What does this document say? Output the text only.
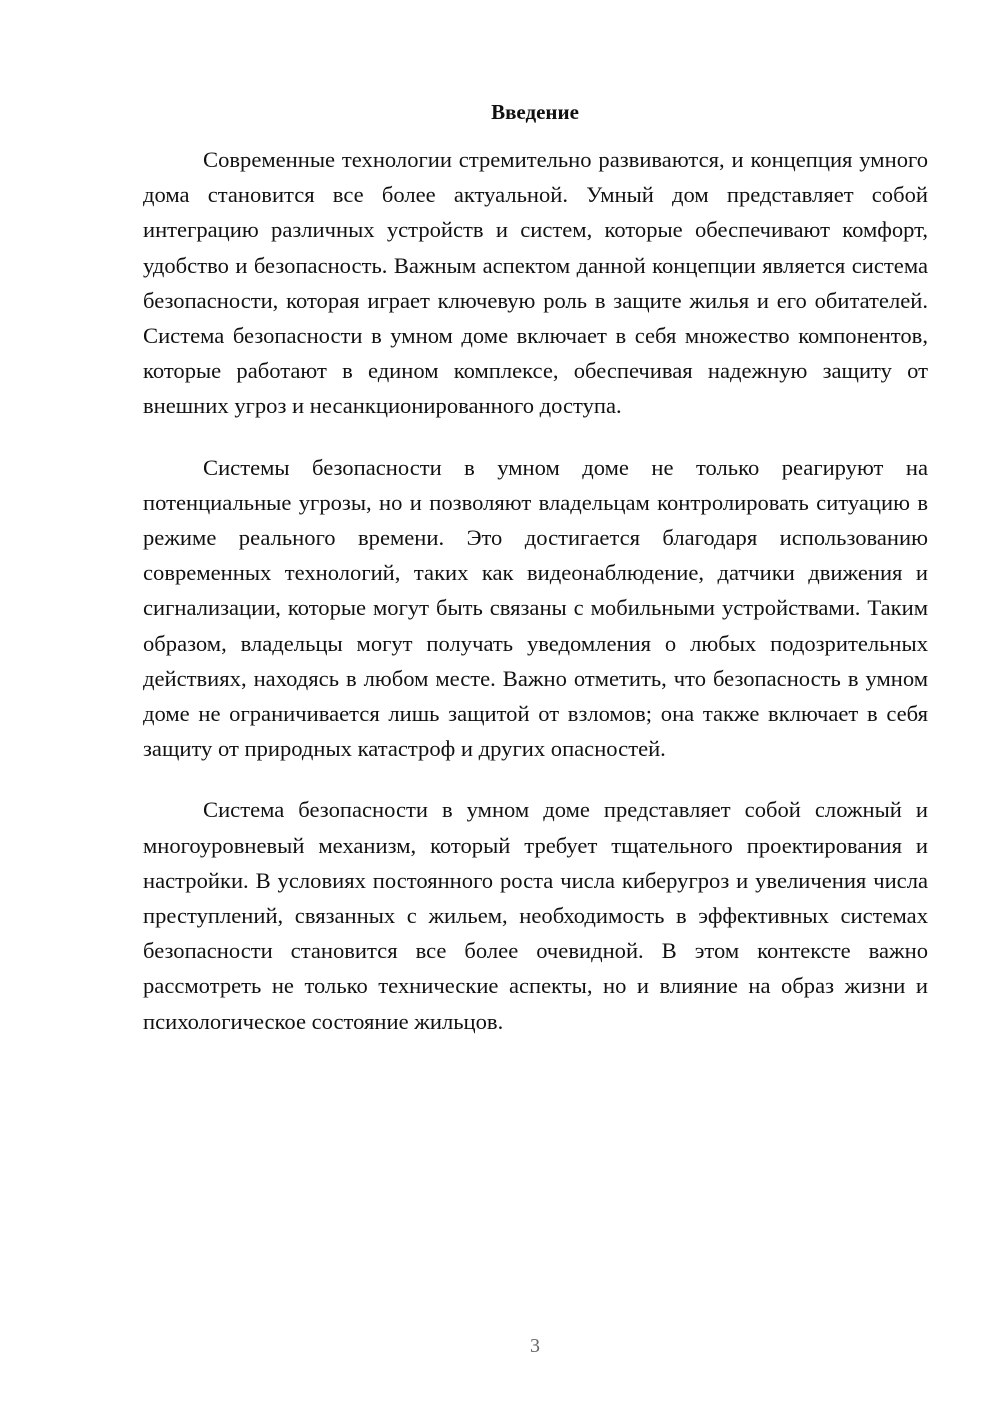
Введение

Современные технологии стремительно развиваются, и концепция умного дома становится все более актуальной. Умный дом представляет собой интеграцию различных устройств и систем, которые обеспечивают комфорт, удобство и безопасность. Важным аспектом данной концепции является система безопасности, которая играет ключевую роль в защите жилья и его обитателей. Система безопасности в умном доме включает в себя множество компонентов, которые работают в едином комплексе, обеспечивая надежную защиту от внешних угроз и несанкционированного доступа.

Системы безопасности в умном доме не только реагируют на потенциальные угрозы, но и позволяют владельцам контролировать ситуацию в режиме реального времени. Это достигается благодаря использованию современных технологий, таких как видеонаблюдение, датчики движения и сигнализации, которые могут быть связаны с мобильными устройствами. Таким образом, владельцы могут получать уведомления о любых подозрительных действиях, находясь в любом месте. Важно отметить, что безопасность в умном доме не ограничивается лишь защитой от взломов; она также включает в себя защиту от природных катастроф и других опасностей.

Система безопасности в умном доме представляет собой сложный и многоуровневый механизм, который требует тщательного проектирования и настройки. В условиях постоянного роста числа киберугроз и увеличения числа преступлений, связанных с жильем, необходимость в эффективных системах безопасности становится все более очевидной. В этом контексте важно рассмотреть не только технические аспекты, но и влияние на образ жизни и психологическое состояние жильцов.

3
